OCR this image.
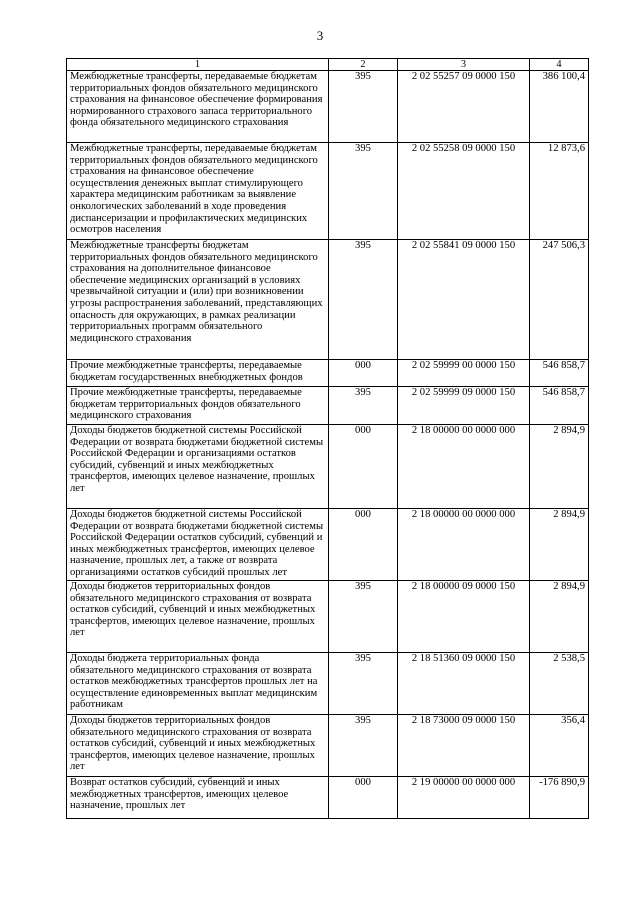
3
1	2	3	4
Межбюджетные трансферты, передаваемые бюджетам территориальных фондов обязательного медицинского страхования на финансовое обеспечение формирования нормированного страхового запаса территориального фонда обязательного медицинского страхования	395	2 02 55257 09 0000 150	386 100,4
Межбюджетные трансферты, передаваемые бюджетам территориальных фондов обязательного медицинского страхования на финансовое обеспечение осуществления денежных выплат стимулирующего характера медицинским работникам за выявление онкологических заболеваний в ходе проведения диспансеризации и профилактических медицинских осмотров населения	395	2 02 55258 09 0000 150	12 873,6
Межбюджетные трансферты бюджетам территориальных фондов обязательного медицинского страхования на дополнительное финансовое обеспечение медицинских организаций в условиях чрезвычайной ситуации и (или) при возникновении угрозы распространения заболеваний, представляющих опасность для окружающих, в рамках реализации территориальных программ обязательного медицинского страхования	395	2 02 55841 09 0000 150	247 506,3
Прочие межбюджетные трансферты, передаваемые бюджетам государственных внебюджетных фондов	000	2 02 59999 00 0000 150	546 858,7
Прочие межбюджетные трансферты, передаваемые бюджетам территориальных фондов обязательного медицинского страхования	395	2 02 59999 09 0000 150	546 858,7
Доходы бюджетов бюджетной системы Российской Федерации от возврата бюджетами бюджетной системы Российской Федерации и организациями остатков субсидий, субвенций и иных межбюджетных трансфертов, имеющих целевое назначение, прошлых лет	000	2 18 00000 00 0000 000	2 894,9
Доходы бюджетов бюджетной системы Российской Федерации от возврата бюджетами бюджетной системы Российской Федерации остатков субсидий, субвенций и иных межбюджетных трансфертов, имеющих целевое назначение, прошлых лет, а также от возврата организациями остатков субсидий прошлых лет	000	2 18 00000 00 0000 000	2 894,9
Доходы бюджетов территориальных фондов обязательного медицинского страхования от возврата остатков субсидий, субвенций и иных межбюджетных трансфертов, имеющих целевое назначение, прошлых лет	395	2 18 00000 09 0000 150	2 894,9
Доходы бюджета территориальных фонда обязательного медицинского страхования от возврата остатков межбюджетных трансфертов прошлых лет на осуществление единовременных выплат медицинским работникам	395	2 18 51360 09 0000 150	2 538,5
Доходы бюджетов территориальных фондов обязательного медицинского страхования от возврата остатков субсидий, субвенций и иных межбюджетных трансфертов, имеющих целевое назначение, прошлых лет	395	2 18 73000 09 0000 150	356,4
Возврат остатков субсидий, субвенций и иных межбюджетных трансфертов, имеющих целевое назначение, прошлых лет	000	2 19 00000 00 0000 000	-176 890,9
